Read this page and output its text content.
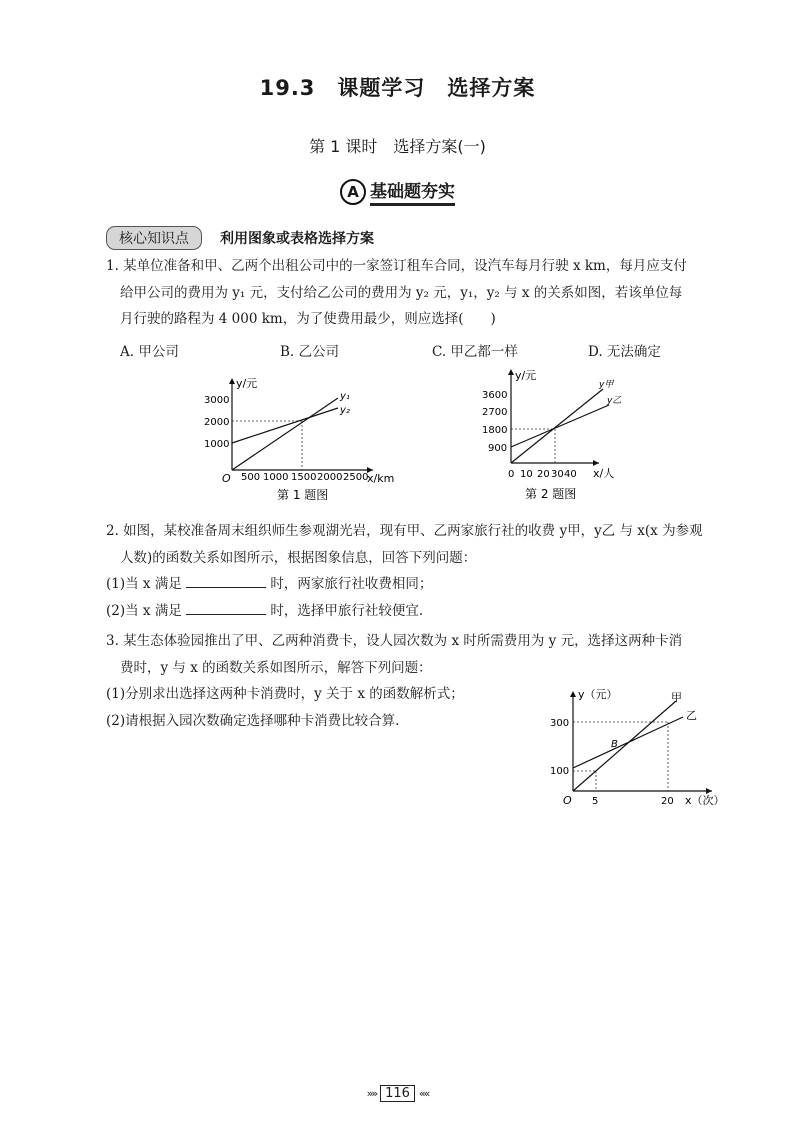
19.3　课题学习　选择方案
第 1 课时　选择方案(一)
A 基础题夯实
核心知识点	利用图象或表格选择方案
1. 某单位准备和甲、乙两个出租公司中的一家签订租车合同，设汽车每月行驶 x km，每月应支付
给甲公司的费用为 y₁ 元，支付给乙公司的费用为 y₂ 元，y₁，y₂ 与 x 的关系如图，若该单位每
月行驶的路程为 4 000 km，为了使费用最少，则应选择(　　)
A. 甲公司	B. 乙公司	C. 甲乙都一样	D. 无法确定
y/元
x/km
O 500 1000 1500 2000 2500
1000
2000
3000	y₁
y₂
第 1 题图
y/元
x/人
0 10 20 30 40
900
1800
2700
3600
y甲
y乙
第 2 题图
2. 如图，某校准备周末组织师生参观湖光岩，现有甲、乙两家旅行社的收费 y甲，y乙 与 x(x 为参观
人数)的函数关系如图所示，根据图象信息，回答下列问题：
(1)当 x 满足	时，两家旅行社收费相同；
(2)当 x 满足	时，选择甲旅行社较便宜.
3. 某生态体验园推出了甲、乙两种消费卡，设人园次数为 x 时所需费用为 y 元，选择这两种卡消
费时，y 与 x 的函数关系如图所示，解答下列问题：
(1)分别求出选择这两种卡消费时，y 关于 x 的函数解析式；
(2)请根据入园次数确定选择哪种卡消费比较合算.
y（元）
x（次）
O 5	20
100
300
甲
乙
B
»» 116 ««
